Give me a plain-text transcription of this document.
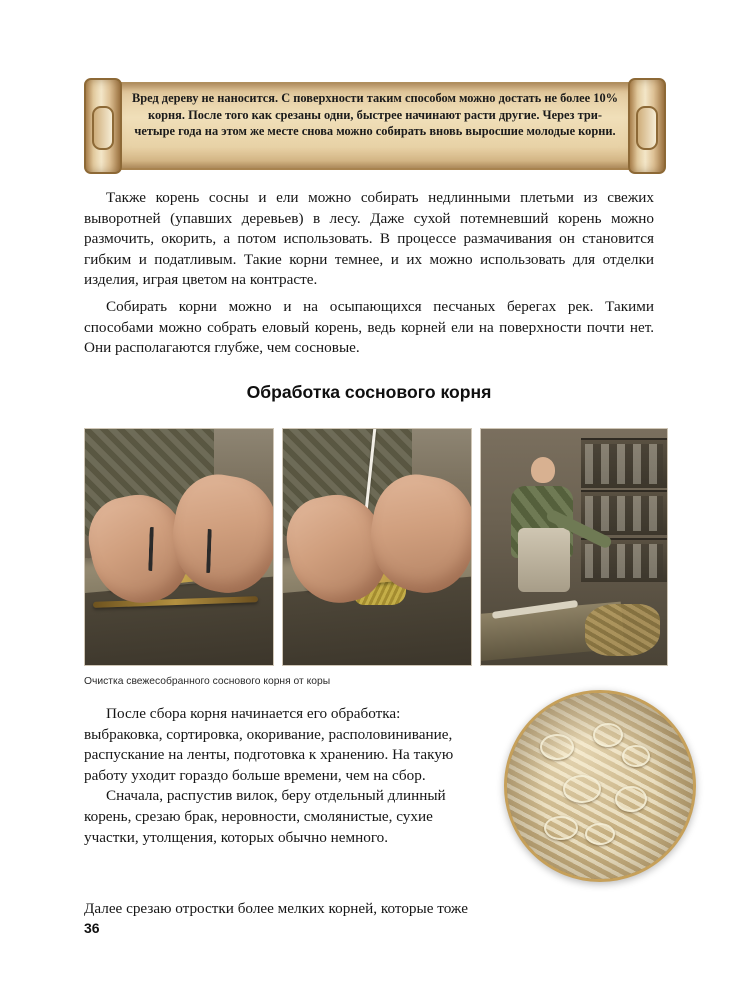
Вред дереву не наносится. С поверхности таким способом можно достать не более 10% корня. После того как срезаны одни, быстрее начинают расти другие. Через три-четыре года на этом же месте снова можно собирать вновь выросшие молодые корни.

Также корень сосны и ели можно собирать недлинными плетьми из свежих выворотней (упавших деревьев) в лесу. Даже сухой потемневший корень можно размочить, окорить, а потом использовать. В процессе размачивания он становится гибким и податливым. Такие корни темнее, и их можно использовать для отделки изделия, играя цветом на контрасте.

Собирать корни можно и на осыпающихся песчаных берегах рек. Такими способами можно собрать еловый корень, ведь корней ели на поверхности почти нет. Они располагаются глубже, чем сосновые.

Обработка соснового корня
Очистка свежесобранного соснового корня от коры

После сбора корня начинается его обработка: выбраковка, сортировка, окоривание, располовинивание, распускание на ленты, подготовка к хранению. На такую работу уходит гораздо больше времени, чем на сбор.

Сначала, распустив вилок, беру отдельный длинный корень, срезаю брак, неровности, смолянистые, сухие участки, утолщения, которых обычно немного.

Далее срезаю отростки более мелких корней, которые тоже

36
